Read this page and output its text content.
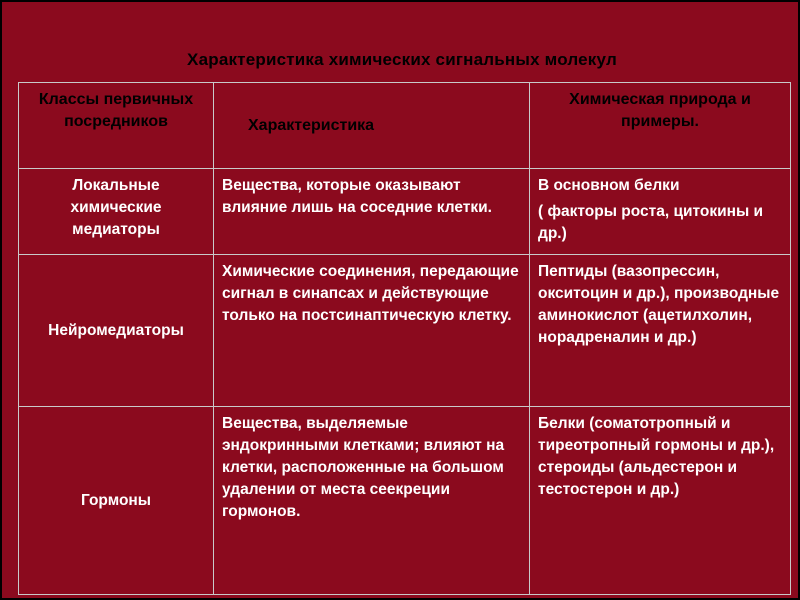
Характеристика химических сигнальных молекул
Классы первичных посредников	Характеристика	Химическая природа и примеры.
Локальные химические медиаторы	Вещества, которые оказывают влияние лишь на соседние клетки.	В основном белки

( факторы роста, цитокины и др.)

Нейромедиаторы	Химические соединения, передающие сигнал в синапсах и действующие только на постсинаптическую клетку.	Пептиды (вазопрессин, окситоцин и др.), производные аминокислот (ацетилхолин, норадреналин и др.)
Гормоны	Вещества, выделяемые эндокринными клетками; влияют на клетки, расположенные на большом удалении от места сеекреции гормонов.	Белки (соматотропный и тиреотропный гормоны и др.), стероиды (альдестерон и тестостерон и др.)
